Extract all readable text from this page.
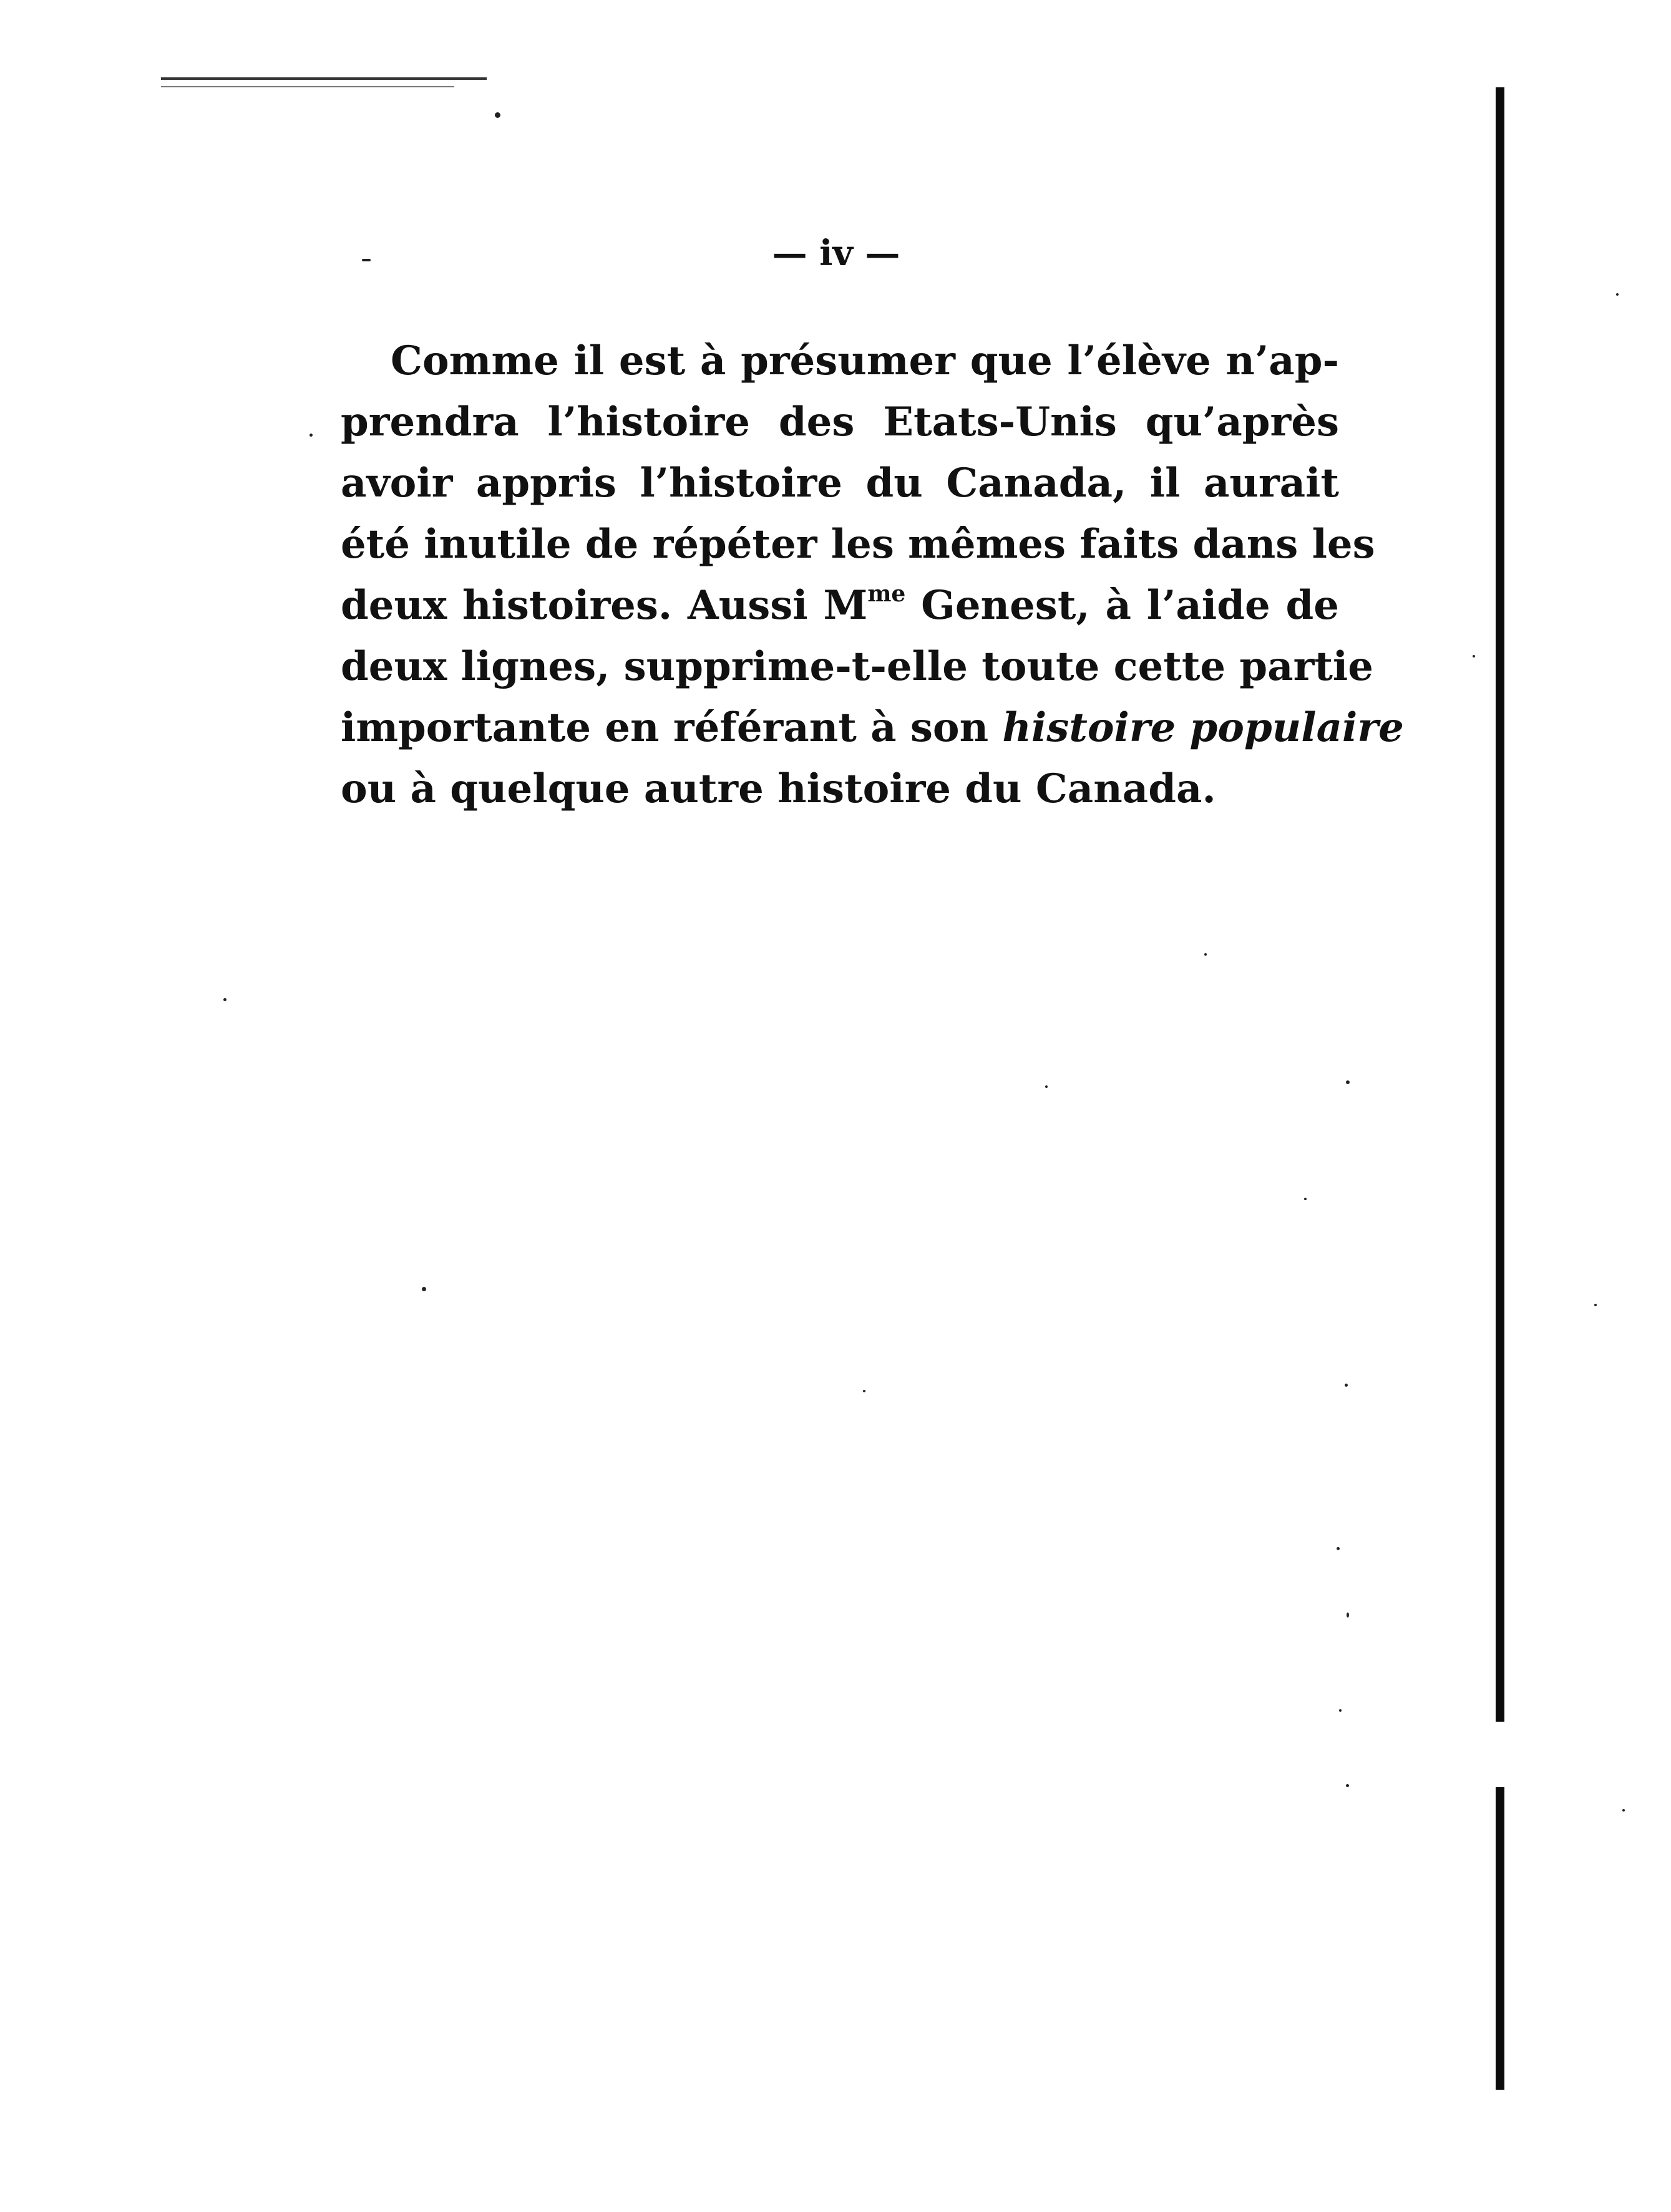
— iv —
Comme il est à présumer que l’élève n’ap-
prendra l’histoire des Etats-Unis qu’après
avoir appris l’histoire du Canada, il aurait
été inutile de répéter les mêmes faits dans les
deux histoires. Aussi $M^{me}$ Genest, à l’aide de
deux lignes, supprime-t-elle toute cette partie
importante en référant à son histoire populaire
ou à quelque autre histoire du Canada.
